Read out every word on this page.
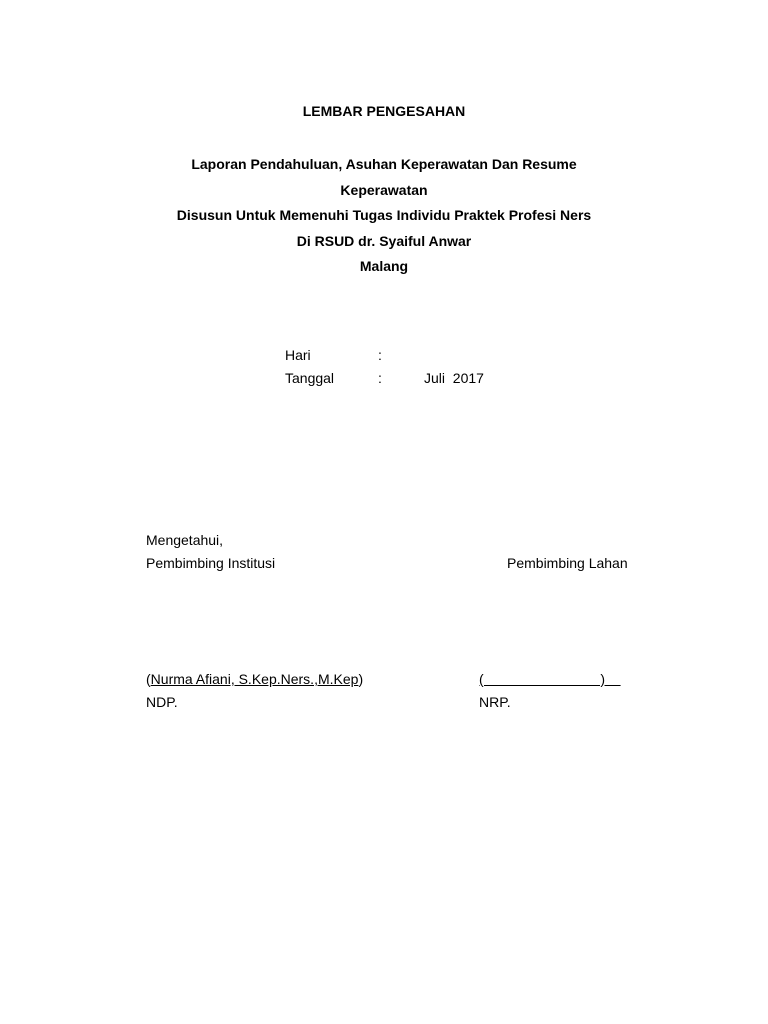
LEMBAR PENGESAHAN
Laporan Pendahuluan, Asuhan Keperawatan Dan Resume
Keperawatan
Disusun Untuk Memenuhi Tugas Individu Praktek Profesi Ners
Di RSUD dr. Syaiful Anwar
Malang
Hari	:
Tanggal	:	Juli  2017
Mengetahui,
Pembimbing Institusi	Pembimbing Lahan
(Nurma Afiani, S.Kep.Ners.,M.Kep)	(                              )
NDP.	NRP.
